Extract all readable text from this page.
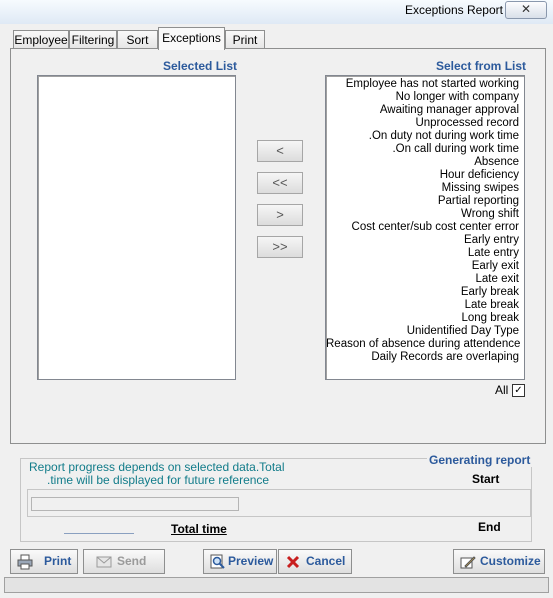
Exceptions Report	✕
Employee Filtering	Sort	Exceptions Print
Selected List
<
<<
>
>>
Select from List
Employee has not started working
No longer with company
Awaiting manager approval
Unprocessed record
.On duty not during work time
.On call during work time
Absence
Hour deficiency
Missing swipes
Partial reporting
Wrong shift
Cost center/sub cost center error
Early entry
Late entry
Early exit
Late exit
Early break
Late break
Long break
Unidentified Day Type
Reason of absence during attendence
Daily Records are overlaping
All ✓
Generating report
Report progress depends on selected data.Total
.time will be displayed for future reference	Start
Total time	End
Print	Send	Preview	Cancel	Customize
